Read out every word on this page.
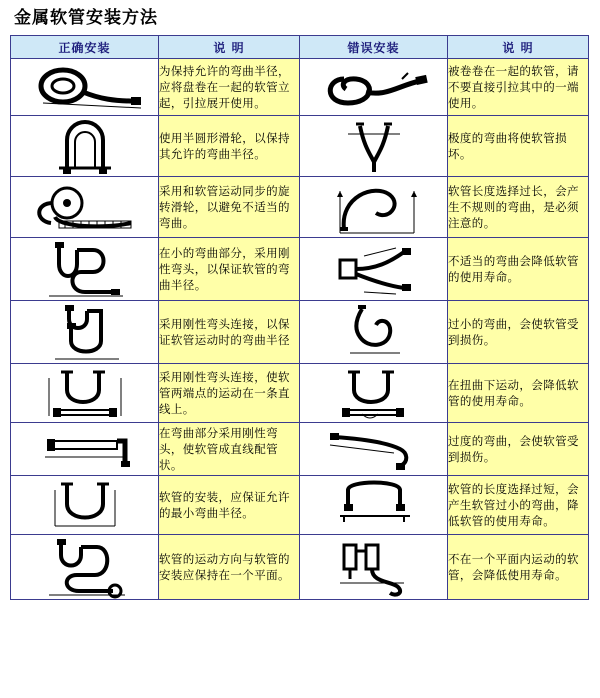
金属软管安装方法
正确安装	说 明	错误安装	说 明

	为保持允许的弯曲半径，应将盘卷在一起的软管立起，引拉展开使用。		被卷卷在一起的软管，请不要直接引拉其中的一端使用。

	使用半圆形滑轮，以保持其允许的弯曲半径。		极度的弯曲将使软管损坏。

	采用和软管运动同步的旋转滑轮，以避免不适当的弯曲。		软管长度选择过长，会产生不规则的弯曲，是必须注意的。

	在小的弯曲部分，采用刚性弯头，以保证软管的弯曲半径。		不适当的弯曲会降低软管的使用寿命。

	采用刚性弯头连接，以保证软管运动时的弯曲半径		过小的弯曲，会使软管受到损伤。

	采用刚性弯头连接，使软管两端点的运动在一条直线上。		在扭曲下运动，会降低软管的使用寿命。

	在弯曲部分采用刚性弯头，使软管成直线配管状。		过度的弯曲，会使软管受到损伤。

	软管的安装，应保证允许的最小弯曲半径。		软管的长度选择过短，会产生软管过小的弯曲，降低软管的使用寿命。

	软管的运动方向与软管的安装应保持在一个平面。		不在一个平面内运动的软管，会降低使用寿命。
